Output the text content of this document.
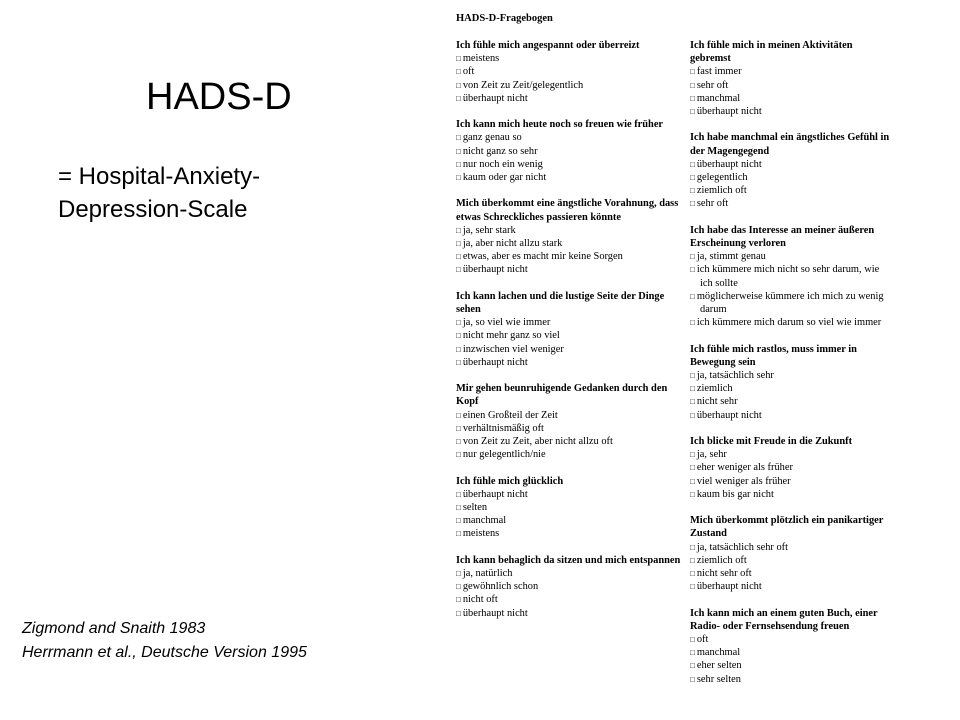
HADS-D
= Hospital-Anxiety-
Depression-Scale
Zigmond and Snaith 1983
Herrmann et al., Deutsche Version 1995
HADS-D-Fragebogen
Ich fühle mich angespannt oder überreizt
□ meistens
□ oft
□ von Zeit zu Zeit/gelegentlich
□ überhaupt nicht
Ich kann mich heute noch so freuen wie früher
□ ganz genau so
□ nicht ganz so sehr
□ nur noch ein wenig
□ kaum oder gar nicht
Mich überkommt eine ängstliche Vorahnung, dass etwas Schreckliches passieren könnte
□ ja, sehr stark
□ ja, aber nicht allzu stark
□ etwas, aber es macht mir keine Sorgen
□ überhaupt nicht
Ich kann lachen und die lustige Seite der Dinge sehen
□ ja, so viel wie immer
□ nicht mehr ganz so viel
□ inzwischen viel weniger
□ überhaupt nicht
Mir gehen beunruhigende Gedanken durch den Kopf
□ einen Großteil der Zeit
□ verhältnismäßig oft
□ von Zeit zu Zeit, aber nicht allzu oft
□ nur gelegentlich/nie
Ich fühle mich glücklich
□ überhaupt nicht
□ selten
□ manchmal
□ meistens
Ich kann behaglich da sitzen und mich entspannen
□ ja, natürlich
□ gewöhnlich schon
□ nicht oft
□ überhaupt nicht
Ich fühle mich in meinen Aktivitäten gebremst
□ fast immer
□ sehr oft
□ manchmal
□ überhaupt nicht
Ich habe manchmal ein ängstliches Gefühl in der Magengegend
□ überhaupt nicht
□ gelegentlich
□ ziemlich oft
□ sehr oft
Ich habe das Interesse an meiner äußeren Erscheinung verloren
□ ja, stimmt genau
□ ich kümmere mich nicht so sehr darum, wie ich sollte
□ möglicherweise kümmere ich mich zu wenig darum
□ ich kümmere mich darum so viel wie immer
Ich fühle mich rastlos, muss immer in Bewegung sein
□ ja, tatsächlich sehr
□ ziemlich
□ nicht sehr
□ überhaupt nicht
Ich blicke mit Freude in die Zukunft
□ ja, sehr
□ eher weniger als früher
□ viel weniger als früher
□ kaum bis gar nicht
Mich überkommt plötzlich ein panikartiger Zustand
□ ja, tatsächlich sehr oft
□ ziemlich oft
□ nicht sehr oft
□ überhaupt nicht
Ich kann mich an einem guten Buch, einer Radio- oder Fernsehsendung freuen
□ oft
□ manchmal
□ eher selten
□ sehr selten
